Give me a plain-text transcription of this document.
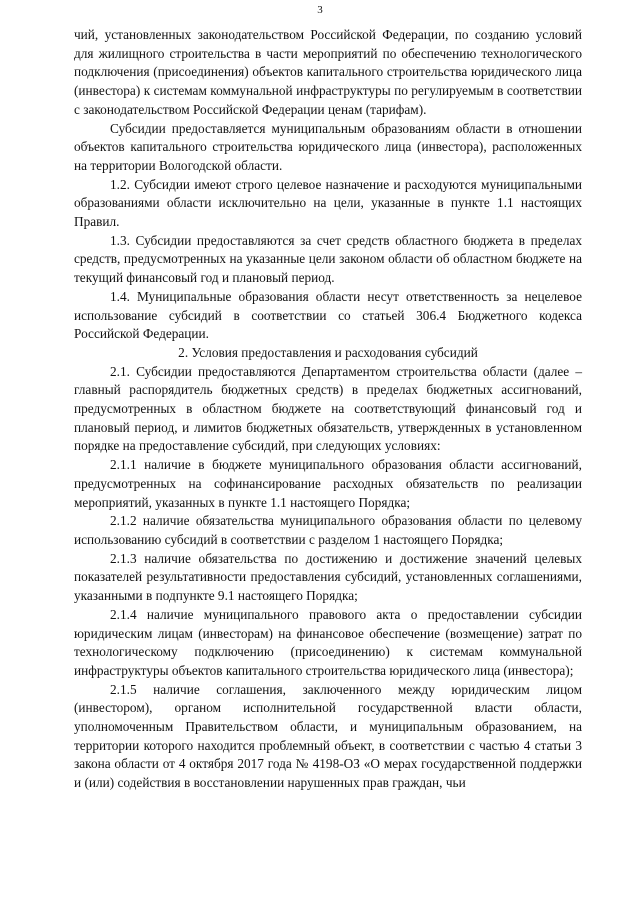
3

чий, установленных законодательством Российской Федерации, по созданию условий для жилищного строительства в части мероприятий по обеспечению технологического подключения (присоединения) объектов капитального строительства юридического лица (инвестора) к системам коммунальной инфраструктуры по регулируемым в соответствии с законодательством Российской Федерации ценам (тарифам).

Субсидии предоставляется муниципальным образованиям области в отношении объектов капитального строительства юридического лица (инвестора), расположенных на территории Вологодской области.

1.2. Субсидии имеют строго целевое назначение и расходуются муниципальными образованиями области исключительно на цели, указанные в пункте 1.1 настоящих Правил.

1.3. Субсидии предоставляются за счет средств областного бюджета в пределах средств, предусмотренных на указанные цели законом области об областном бюджете на текущий финансовый год и плановый период.

1.4. Муниципальные образования области несут ответственность за нецелевое использование субсидий в соответствии со статьей 306.4 Бюджетного кодекса Российской Федерации.

2. Условия предоставления и расходования субсидий

2.1. Субсидии предоставляются Департаментом строительства области (далее – главный распорядитель бюджетных средств) в пределах бюджетных ассигнований, предусмотренных в областном бюджете на соответствующий финансовый год и плановый период, и лимитов бюджетных обязательств, утвержденных в установленном порядке на предоставление субсидий, при следующих условиях:

2.1.1 наличие в бюджете муниципального образования области ассигнований, предусмотренных на софинансирование расходных обязательств по реализации мероприятий, указанных в пункте 1.1 настоящего Порядка;

2.1.2 наличие обязательства муниципального образования области по целевому использованию субсидий в соответствии с разделом 1 настоящего Порядка;

2.1.3 наличие обязательства по достижению и достижение значений целевых показателей результативности предоставления субсидий, установленных соглашениями, указанными в подпункте 9.1 настоящего Порядка;

2.1.4 наличие муниципального правового акта о предоставлении субсидии юридическим лицам (инвесторам) на финансовое обеспечение (возмещение) затрат по технологическому подключению (присоединению) к системам коммунальной инфраструктуры объектов капитального строительства юридического лица (инвестора);

2.1.5 наличие соглашения, заключенного между юридическим лицом (инвестором), органом исполнительной государственной власти области, уполномоченным Правительством области, и муниципальным образованием, на территории которого находится проблемный объект, в соответствии с частью 4 статьи 3 закона области от 4 октября 2017 года № 4198-ОЗ «О мерах государственной поддержки и (или) содействия в восстановлении нарушенных прав граждан, чьи
